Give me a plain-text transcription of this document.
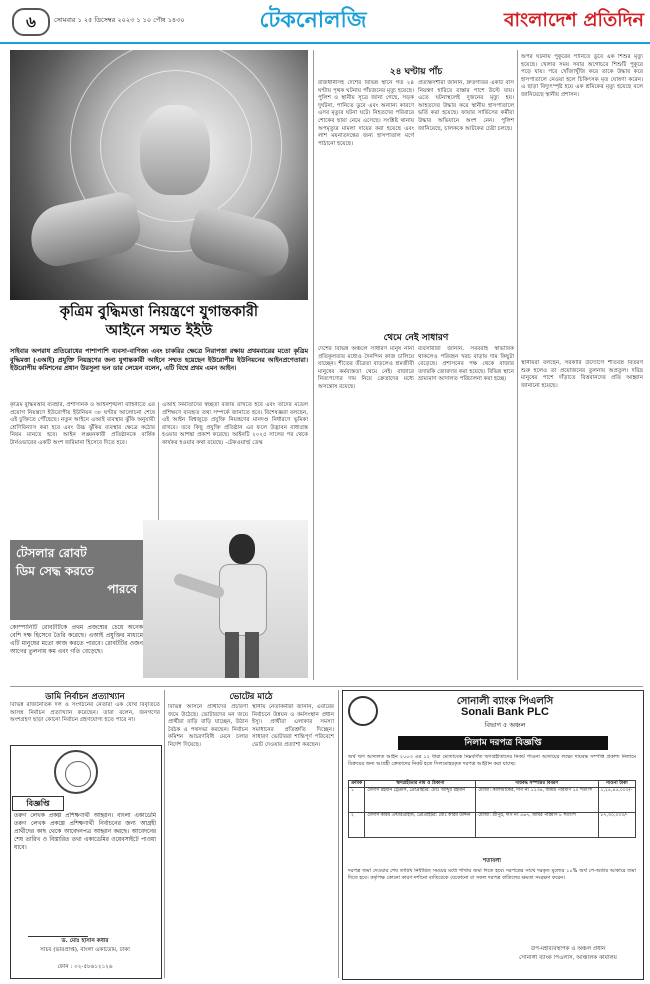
৬	সোমবার ১ ২৫ ডিসেম্বর ২০২৩ ১ ১০ পৌষ ১৪৩০	টেকনোলজি	বাংলাদেশ প্রতিদিন
কৃত্রিম বুদ্ধিমত্তা নিয়ন্ত্রণে যুগান্তকারী
আইনে সম্মত ইইউ
সাইবার অপরাধ প্রতিরোধের পাশাপাশি ব্যবসা-বাণিজ্য এবং চাকরির ক্ষেত্রে নিরাপত্তা রক্ষায় প্রথমবারের মতো কৃত্রিম বুদ্ধিমত্তা (এআই) প্রযুক্তি নিয়ন্ত্রণের জন্য যুগান্তকারী আইনে সম্মত হয়েছেন ইউরোপীয় ইউনিয়নের আইনপ্রণেতারা। ইউরোপীয় কমিশনের প্রধান উরসুলা ভন ডার লেয়েন বলেন, এটি বিশ্বে প্রথম এমন আইন।
কৃত্রিম বুদ্ধিমত্তার ব্যবহার, প্রশাসনিক ও আইনশৃঙ্খলা বাহিনীতে এর প্রয়োগ নিয়ন্ত্রণে ইউরোপীয় ইউনিয়ন ৩৮ ঘণ্টার আলোচনা শেষে এই চুক্তিতে পৌঁছেছে। নতুন আইনে এআই ব্যবস্থার ঝুঁকি অনুযায়ী শ্রেণিবিন্যাস করা হবে এবং উচ্চ ঝুঁকির ব্যবস্থার ক্ষেত্রে কঠোর নিয়ম মানতে হবে। আইন লঙ্ঘনকারী প্রতিষ্ঠানকে বার্ষিক টার্নওভারের একটি অংশ জরিমানা হিসেবে দিতে হবে।
এআই নির্মাতাদের স্বচ্ছতা বজায় রাখতে হবে এবং তাদের মডেল প্রশিক্ষণে ব্যবহৃত তথ্য সম্পর্কে জানাতে হবে। বিশেষজ্ঞরা বলছেন, এই আইন বিশ্বজুড়ে প্রযুক্তি নিয়ন্ত্রণের মানদণ্ড নির্ধারণে ভূমিকা রাখবে। তবে কিছু প্রযুক্তি প্রতিষ্ঠান এর ফলে উদ্ভাবন বাধাগ্রস্ত হওয়ার আশঙ্কা প্রকাশ করেছে। আইনটি ২০২৫ সালের পর থেকে কার্যকর হওয়ার কথা রয়েছে। -টেকওয়ার্ল্ড ডেস্ক
২৪ ঘণ্টায় পাঁচ
রাজধানীসহ দেশের বিভিন্ন স্থানে গত ২৪ ঘণ্টায় পৃথক ঘটনায় পাঁচজনের মৃত্যু হয়েছে। পুলিশ ও স্থানীয় সূত্রে জানা গেছে, সড়ক দুর্ঘটনা, পানিতে ডুবে এবং অন্যান্য কারণে এসব মৃত্যুর ঘটনা ঘটে। নিহতদের পরিবারে শোকের ছায়া নেমে এসেছে। সংশ্লিষ্ট থানায় অপমৃত্যুর মামলা দায়ের করা হয়েছে এবং লাশ ময়নাতদন্তের জন্য হাসপাতাল মর্গে পাঠানো হয়েছে।
প্রত্যক্ষদর্শীরা জানান, দ্রুতগতির একটি বাস নিয়ন্ত্রণ হারিয়ে রাস্তার পাশে উল্টে যায়। এতে ঘটনাস্থলেই দুজনের মৃত্যু হয়। আহতদের উদ্ধার করে স্থানীয় হাসপাতালে ভর্তি করা হয়েছে। ফায়ার সার্ভিসের কর্মীরা উদ্ধার অভিযানে অংশ নেন। পুলিশ জানিয়েছে, চালককে আটকের চেষ্টা চলছে।
অপর ঘটনায় পুকুরের পানিতে ডুবে এক শিশুর মৃত্যু হয়েছে। খেলার সময় সবার অগোচরে শিশুটি পুকুরে পড়ে যায়। পরে খোঁজাখুঁজি করে তাকে উদ্ধার করে হাসপাতালে নেওয়া হলে চিকিৎসক মৃত ঘোষণা করেন। এ ছাড়া বিদ্যুৎস্পৃষ্ট হয়ে এক শ্রমিকের মৃত্যু হয়েছে বলে জানিয়েছে স্থানীয় প্রশাসন।
থেমে নেই সাধারণ
দেশের বিভিন্ন অঞ্চলে সাধারণ মানুষ নানা প্রতিকূলতার মধ্যেও দৈনন্দিন কাজ চালিয়ে যাচ্ছেন। শীতের তীব্রতা বাড়লেও শ্রমজীবী মানুষের কর্মব্যস্ততা থেমে নেই। বাজারে নিত্যপণ্যের দাম নিয়ে ক্রেতাদের মধ্যে অসন্তোষ রয়েছে।
ব্যবসায়ীরা জানান, সরবরাহ স্বাভাবিক থাকলেও পরিবহন খরচ বাড়ায় দাম কিছুটা বেড়েছে। প্রশাসনের পক্ষ থেকে বাজার তদারকি জোরদার করা হয়েছে। বিভিন্ন স্থানে ভ্রাম্যমাণ আদালত পরিচালনা করা হচ্ছে।
স্থানীয়রা বলছেন, সরকারি উদ্যোগে শীতবস্ত্র বিতরণ শুরু হলেও তা প্রয়োজনের তুলনায় অপ্রতুল। দরিদ্র মানুষের পাশে দাঁড়াতে বিত্তবানদের প্রতি আহ্বান জানানো হয়েছে।
টেসলার রোবট
ডিম সেদ্ধ করতে
পারবে
কোম্পানিটি রোবটটিকে প্রথম প্রজন্মের চেয়ে অনেক বেশি দক্ষ হিসেবে তৈরি করেছে। এআই প্রযুক্তির মাধ্যমে এটি মানুষের মতো কাজ করতে পারবে। রোবটটির ওজন আগের তুলনায় কম এবং গতি বেড়েছে।
ডামি নির্বাচন প্রত্যাখ্যান
বিভিন্ন রাজনৈতিক দল ও সংগঠনের নেতারা এক যৌথ বিবৃতিতে আসন্ন নির্বাচন প্রত্যাখ্যান করেছেন। তারা বলেন, জনগণের অংশগ্রহণ ছাড়া কোনো নির্বাচন গ্রহণযোগ্য হতে পারে না।
বিজ্ঞপ্তি
তরুণ লেখক প্রকল্প প্রশিক্ষণার্থী আহ্বান। বাংলা একাডেমি তরুণ লেখক প্রকল্পে প্রশিক্ষণার্থী নির্বাচনের জন্য আগ্রহী প্রার্থীদের কাছ থেকে আবেদনপত্র আহ্বান করছে। আবেদনের শেষ তারিখ ও বিস্তারিত তথ্য একাডেমির ওয়েবসাইটে পাওয়া যাবে।
ড. মোঃ হাসান কবীর
সচিব (ভারপ্রাপ্ত), বাংলা একাডেমি, ঢাকা
ফোন : ০২-৫৮৬১২১২৬
ভোটের মাঠে
বিভিন্ন আসনে প্রার্থীদের প্রচারণা জমে উঠেছে। ভোটারদের মন জয়ে প্রার্থীরা বাড়ি বাড়ি যাচ্ছেন, উঠান বৈঠক ও পথসভা করছেন। নির্বাচন কমিশন আচরণবিধি মেনে চলার নির্দেশ দিয়েছে।
স্থানীয় নেতাকর্মীরা জানান, এবারের নির্বাচনে উন্নয়ন ও কর্মসংস্থান প্রধান ইস্যু। প্রার্থীরা এলাকার সমস্যা সমাধানের প্রতিশ্রুতি দিচ্ছেন। সাধারণ ভোটাররা শান্তিপূর্ণ পরিবেশে ভোট দেওয়ার প্রত্যাশা করছেন।
সোনালী ব্যাংক পিএলসি
Sonali Bank PLC
বিভাগ ৫ অঞ্চল
নিলাম দরপত্র বিজ্ঞপ্তি
অর্থ ঋণ আদালত আইন ২০০৩ এর ১২ ধারা মোতাবেক নিম্নবর্ণিত ঋণগ্রহীতাদের নিকট পাওনা আদায়ের লক্ষ্যে দায়বদ্ধ সম্পত্তি প্রকাশ্য নিলামে বিক্রয়ের জন্য আগ্রহী ক্রেতাদের নিকট হতে সিলমোহরকৃত দরপত্র আহ্বান করা যাচ্ছে।
ক্রমিক	ঋণগ্রহীতার নাম ও ঠিকানা	দায়বদ্ধ সম্পত্তির বিবরণ	পাওনা টাকা
১	মেসার্স রহমান ট্রেডার্স, প্রোপ্রাইটর: মোঃ আব্দুর রহমান	মৌজা: কালিয়াকৈর, দাগ নং ১২৩৪, জমির পরিমাণ ১০ শতাংশ	১,২৫,৪৫,০০০/-
২	মেসার্স করিম এন্টারপ্রাইজ, প্রোপ্রাইটর: মোঃ করিম উদ্দিন	মৌজা: শ্রীপুর, দাগ নং ৫৬৭, জমির পরিমাণ ৮ শতাংশ	৮৭,৩০,০০০/-
শর্তাবলী
দরপত্র জমা দেওয়ার শেষ তারিখ নির্ধারিত সময়ের মধ্যে শাখায় জমা দিতে হবে। দরপত্রের সাথে দরকৃত মূল্যের ১০% অর্থ পে-অর্ডার আকারে জমা দিতে হবে। কর্তৃপক্ষ কোনো কারণ দর্শানো ব্যতিরেকে যেকোনো বা সকল দরপত্র বাতিলের ক্ষমতা সংরক্ষণ করেন।
উপ-মহাব্যবস্থাপক ও অঞ্চল প্রধান
সোনালী ব্যাংক পিএলসি, আঞ্চলিক কার্যালয়
